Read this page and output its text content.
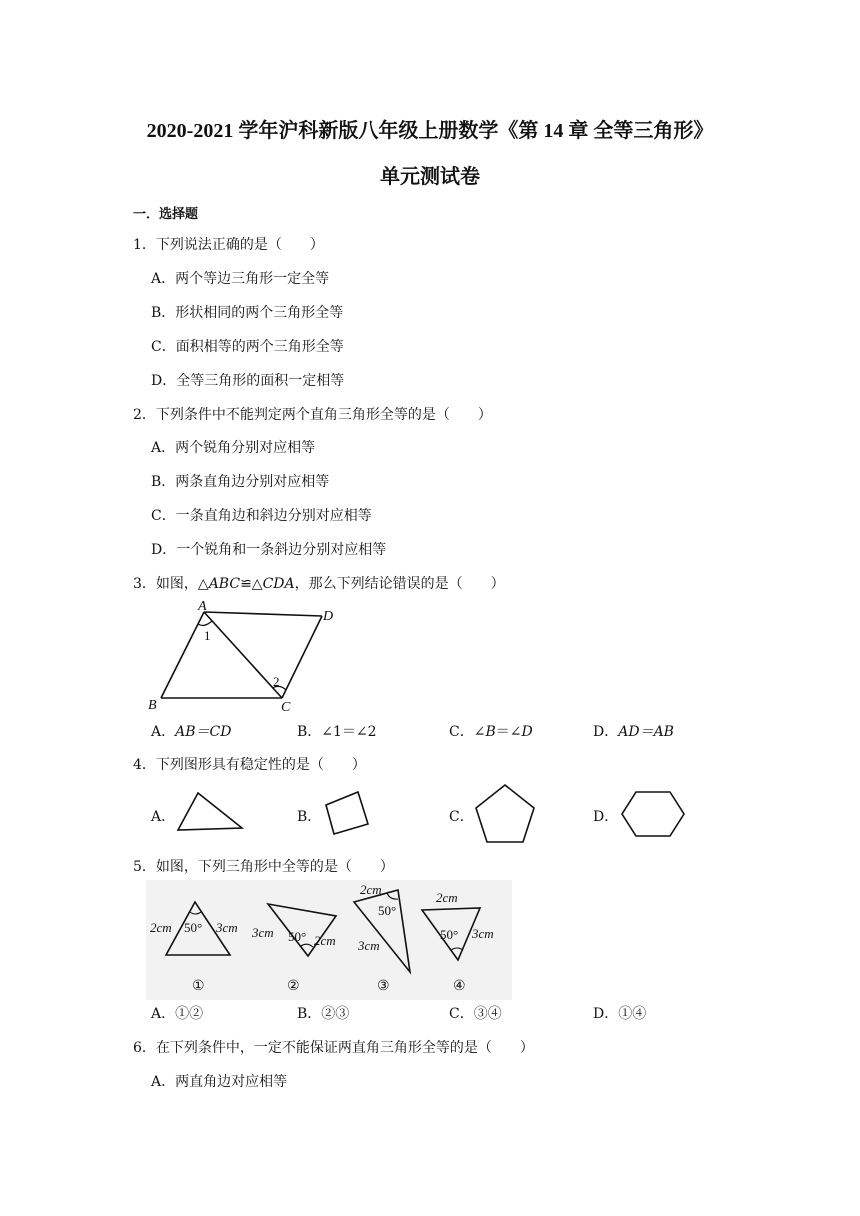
2020-2021 学年沪科新版八年级上册数学《第 14 章 全等三角形》
单元测试卷
一．选择题
1．下列说法正确的是（　　）
A．两个等边三角形一定全等
B．形状相同的两个三角形全等
C．面积相等的两个三角形全等
D．全等三角形的面积一定相等
2．下列条件中不能判定两个直角三角形全等的是（　　）
A．两个锐角分别对应相等
B．两条直角边分别对应相等
C．一条直角边和斜边分别对应相等
D．一个锐角和一条斜边分别对应相等
3．如图，△ABC≌△CDA，那么下列结论错误的是（　　）
A
D
B	C
1
2
A．AB＝CD	B．∠1＝∠2	C．∠B＝∠D	D．AD＝AB
4．下列图形具有稳定性的是（　　）
A．	B．	C．	D．
5．如图，下列三角形中全等的是（　　）
2cm 50° 3cm 3cm 50° 2cm
2cm
50°
3cm
2cm
50° 3cm
①	②	③	④
A．①②	B．②③	C．③④	D．①④
6．在下列条件中，一定不能保证两直角三角形全等的是（　　）
A．两直角边对应相等
